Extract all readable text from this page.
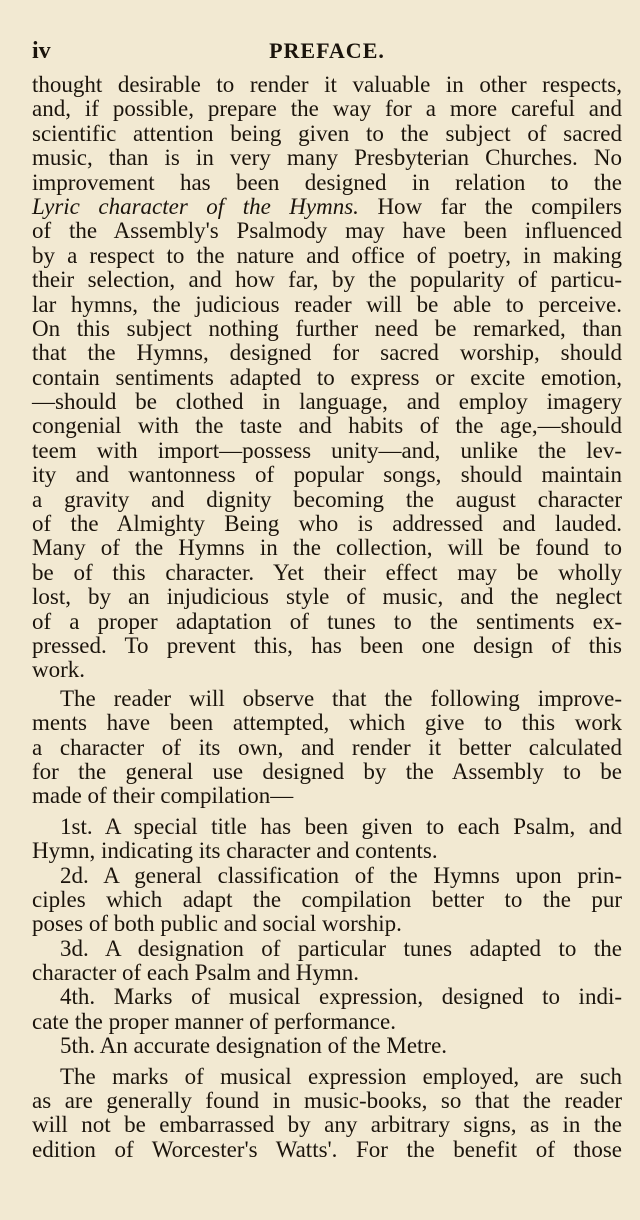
iv	PREFACE.
thought desirable to render it valuable in other respects,
and, if possible, prepare the way for a more careful and
scientific attention being given to the subject of sacred
music, than is in very many Presbyterian Churches. No
improvement has been designed in relation to the
Lyric character of the Hymns. How far the compilers
of the Assembly's Psalmody may have been influenced
by a respect to the nature and office of poetry, in making
their selection, and how far, by the popularity of particu-
lar hymns, the judicious reader will be able to perceive.
On this subject nothing further need be remarked, than
that the Hymns, designed for sacred worship, should
contain sentiments adapted to express or excite emotion,
—should be clothed in language, and employ imagery
congenial with the taste and habits of the age,—should
teem with import—possess unity—and, unlike the lev-
ity and wantonness of popular songs, should maintain
a gravity and dignity becoming the august character
of the Almighty Being who is addressed and lauded.
Many of the Hymns in the collection, will be found to
be of this character. Yet their effect may be wholly
lost, by an injudicious style of music, and the neglect
of a proper adaptation of tunes to the sentiments ex-
pressed. To prevent this, has been one design of this
work.
The reader will observe that the following improve-
ments have been attempted, which give to this work
a character of its own, and render it better calculated
for the general use designed by the Assembly to be
made of their compilation—
1st. A special title has been given to each Psalm, and
Hymn, indicating its character and contents.
2d. A general classification of the Hymns upon prin-
ciples which adapt the compilation better to the pur
poses of both public and social worship.
3d. A designation of particular tunes adapted to the
character of each Psalm and Hymn.
4th. Marks of musical expression, designed to indi-
cate the proper manner of performance.
5th. An accurate designation of the Metre.
The marks of musical expression employed, are such
as are generally found in music-books, so that the reader
will not be embarrassed by any arbitrary signs, as in the
edition of Worcester's Watts'. For the benefit of those
